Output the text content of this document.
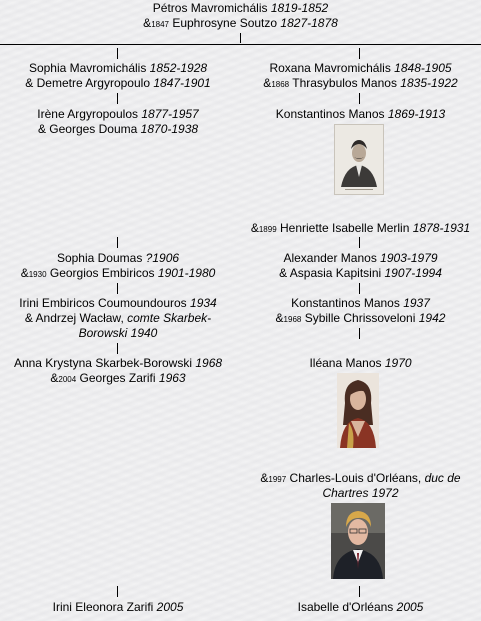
Pétros Mavromichális 1819-1852
&1847 Euphrosyne Soutzo 1827-1878
Sophia Mavromichális 1852-1928
& Demetre Argyropoulo 1847-1901
Irène Argyropoulos 1877-1957
& Georges Douma 1870-1938
Sophia Doumas ?1906
&1930 Georgios Embiricos 1901-1980
Irini Embiricos Coumoundouros 1934
& Andrzej Wacław, comte Skarbek-
Borowski 1940
Anna Krystyna Skarbek-Borowski 1968
&2004 Georges Zarifi 1963
Irini Eleonora Zarifi 2005
Roxana Mavromichális 1848-1905
&1868 Thrasybulos Manos 1835-1922
Konstantinos Manos 1869-1913
&1899 Henriette Isabelle Merlin 1878-1931
Alexander Manos 1903-1979
& Aspasia Kapitsini 1907-1994
Konstantinos Manos 1937
&1968 Sybille Chrissoveloni 1942
Iléana Manos 1970
&1997 Charles-Louis d'Orléans, duc de
Chartres 1972
Isabelle d'Orléans 2005
